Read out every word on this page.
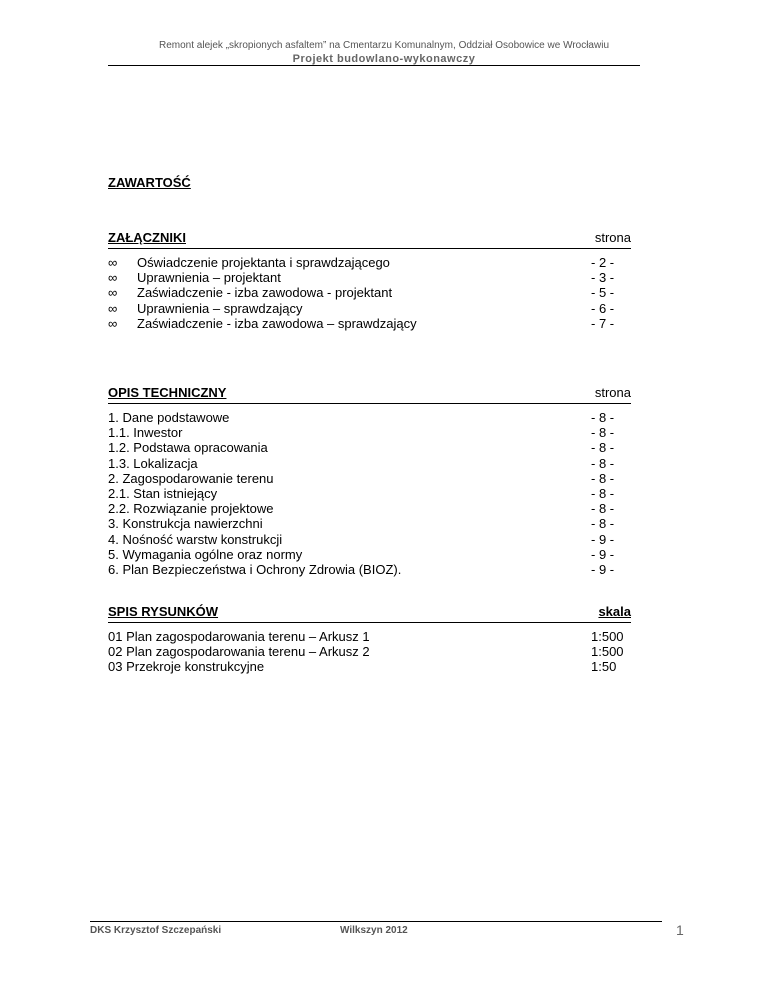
Remont alejek „skropionych asfaltem” na Cmentarzu Komunalnym, Oddział Osobowice we Wrocławiu
Projekt budowlano-wykonawczy
ZAWARTOŚĆ
ZAŁĄCZNIKI	strona
∞ Oświadczenie projektanta i sprawdzającego	- 2 -
∞ Uprawnienia – projektant	- 3 -
∞ Zaświadczenie - izba zawodowa - projektant	- 5 -
∞ Uprawnienia – sprawdzający	- 6 -
∞ Zaświadczenie - izba zawodowa – sprawdzający	- 7 -
OPIS TECHNICZNY	strona
1. Dane podstawowe	- 8 -
1.1. Inwestor	- 8 -
1.2. Podstawa opracowania	- 8 -
1.3. Lokalizacja	- 8 -
2. Zagospodarowanie terenu	- 8 -
2.1. Stan istniejący	- 8 -
2.2. Rozwiązanie projektowe	- 8 -
3. Konstrukcja nawierzchni	- 8 -
4. Nośność warstw konstrukcji	- 9 -
5. Wymagania ogólne oraz normy	- 9 -
6. Plan Bezpieczeństwa i Ochrony Zdrowia (BIOZ).	- 9 -
SPIS RYSUNKÓW	skala
01 Plan zagospodarowania terenu – Arkusz 1	1:500
02 Plan zagospodarowania terenu – Arkusz 2	1:500
03 Przekroje konstrukcyjne	1:50
DKS Krzysztof Szczepański	Wilkszyn 2012	1
